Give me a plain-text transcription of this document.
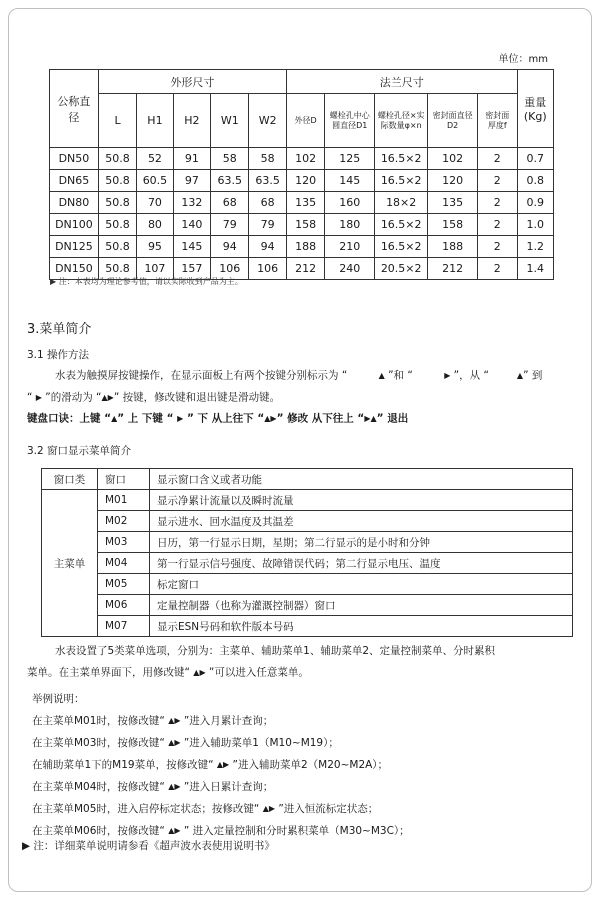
单位：mm
公称直径	外形尺寸					法兰尺寸					重量(Kg)
	L	H1	H2	W1	W2	外径D	螺栓孔中心圆直径D1	螺栓孔径×实际数量φ×n	密封面直径D2	密封面厚度f	
DN50	50.8	52	91	58	58	102	125	16.5×2	102	2	0.7
DN65	50.8	60.5	97	63.5	63.5	120	145	16.5×2	120	2	0.8
DN80	50.8	70	132	68	68	135	160	18×2	135	2	0.9
DN100	50.8	80	140	79	79	158	180	16.5×2	158	2	1.0
DN125	50.8	95	145	94	94	188	210	16.5×2	188	2	1.2
DN150	50.8	107	157	106	106	212	240	20.5×2	212	2	1.4
▶ 注：本表均为理论参考值，请以实际收到产品为主。
3.菜单简介
3.1 操作方法

水表为触摸屏按键操作，在显示面板上有两个按键分别标示为 “	▲ ”和 “	▶ ”，从 “	▲” 到

“ ▶ ”的滑动为 “▲▶” 按键，修改键和退出键是滑动键。

键盘口诀：上键 “▲” 上 下键 “ ▶ ” 下 从上往下 “▲▶” 修改 从下往上 “▶▲” 退出

3.2 窗口显示菜单简介
窗口类	窗口	显示窗口含义或者功能
主菜单	M01	显示净累计流量以及瞬时流量
	M02	显示进水、回水温度及其温差
	M03	日历，第一行显示日期，星期；第二行显示的是小时和分钟
	M04	第一行显示信号强度、故障错误代码；第二行显示电压、温度
	M05	标定窗口
	M06	定量控制器（也称为灌溉控制器）窗口
	M07	显示ESN号码和软件版本号码

水表设置了5类菜单选项，分别为：主菜单、辅助菜单1、辅助菜单2、定量控制菜单、分时累积

菜单。在主菜单界面下，用修改键“ ▲▶ ”可以进入任意菜单。

举例说明：

在主菜单M01时，按修改键“ ▲▶ ”进入月累计查询；

在主菜单M03时，按修改键“ ▲▶ ”进入辅助菜单1（M10~M19）；

在辅助菜单1下的M19菜单，按修改键“ ▲▶ ”进入辅助菜单2（M20~M2A）；

在主菜单M04时，按修改键“ ▲▶ ”进入日累计查询；

在主菜单M05时，进入启停标定状态；按修改键“ ▲▶ ”进入恒流标定状态；

在主菜单M06时，按修改键“ ▲▶ ” 进入定量控制和分时累积菜单（M30~M3C）；

▶ 注：详细菜单说明请参看《超声波水表使用说明书》
